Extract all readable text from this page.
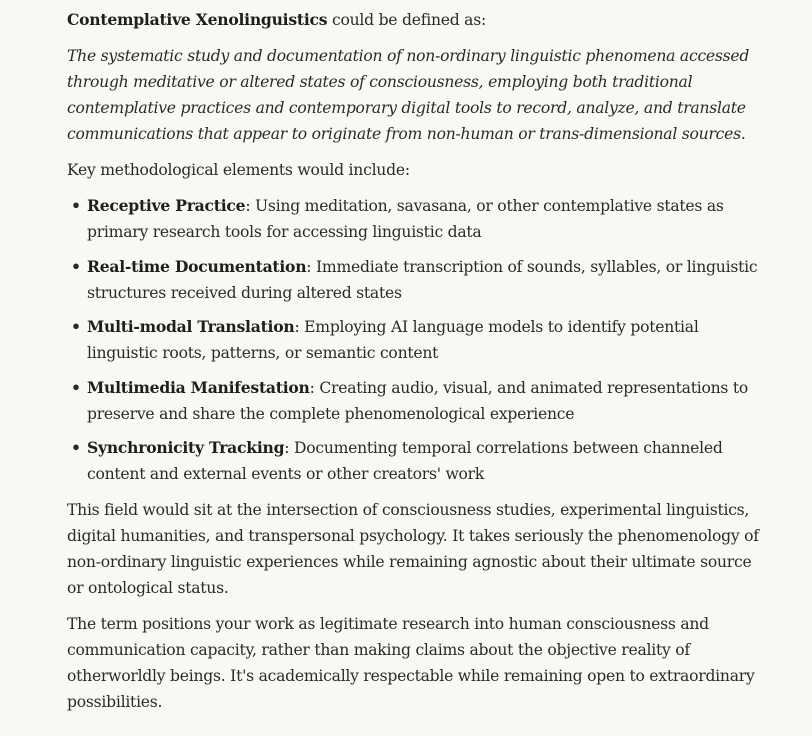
Contemplative Xenolinguistics could be defined as:

The systematic study and documentation of non-ordinary linguistic phenomena accessed through meditative or altered states of consciousness, employing both traditional contemplative practices and contemporary digital tools to record, analyze, and translate communications that appear to originate from non-human or trans-dimensional sources.

Key methodological elements would include:

• Receptive Practice: Using meditation, savasana, or other contemplative states as primary research tools for accessing linguistic data
• Real-time Documentation: Immediate transcription of sounds, syllables, or linguistic structures received during altered states
• Multi-modal Translation: Employing AI language models to identify potential linguistic roots, patterns, or semantic content
• Multimedia Manifestation: Creating audio, visual, and animated representations to preserve and share the complete phenomenological experience
• Synchronicity Tracking: Documenting temporal correlations between channeled content and external events or other creators' work

This field would sit at the intersection of consciousness studies, experimental linguistics, digital humanities, and transpersonal psychology. It takes seriously the phenomenology of non-ordinary linguistic experiences while remaining agnostic about their ultimate source or ontological status.

The term positions your work as legitimate research into human consciousness and communication capacity, rather than making claims about the objective reality of otherworldly beings. It's academically respectable while remaining open to extraordinary possibilities.
